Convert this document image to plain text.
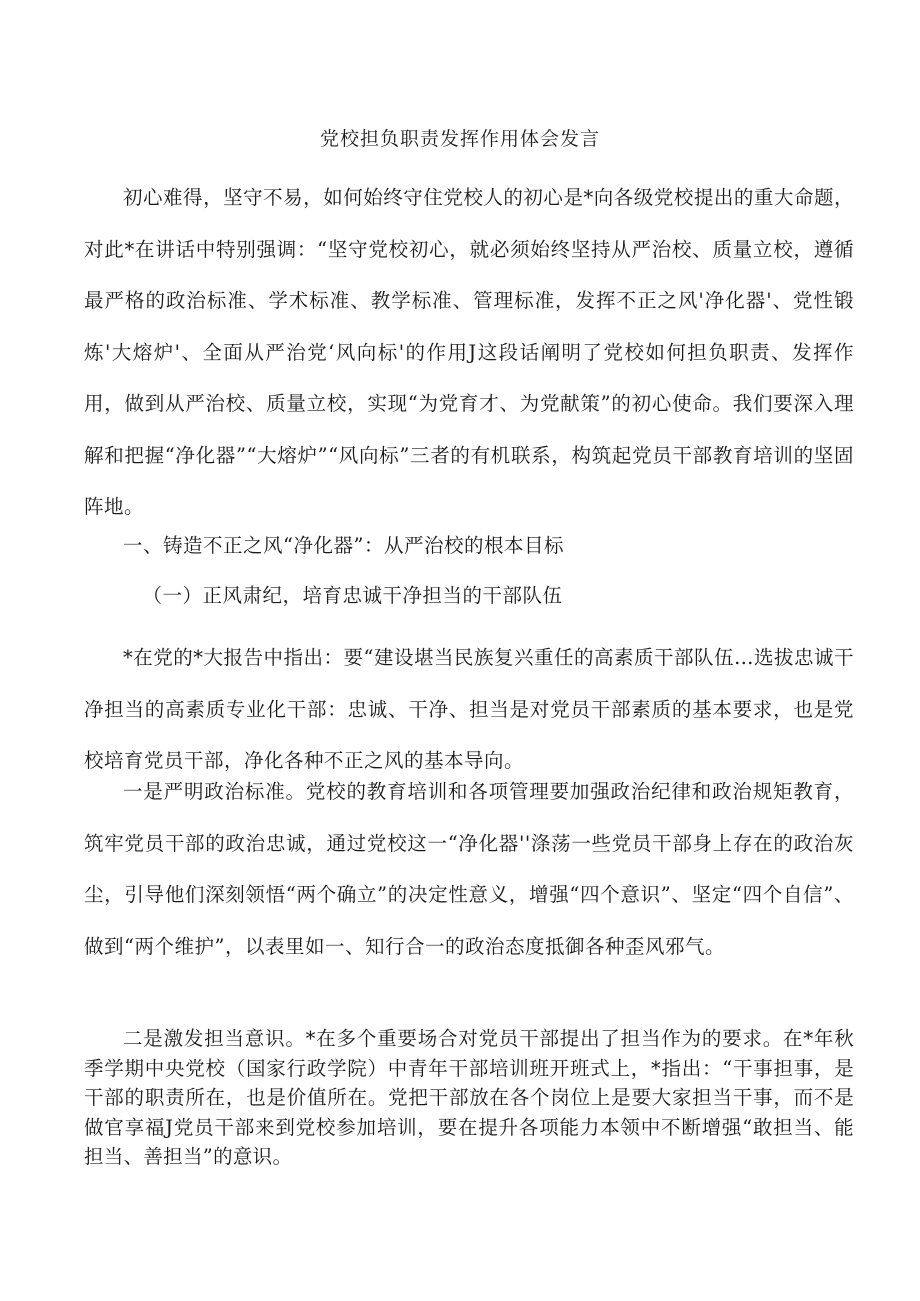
党校担负职责发挥作用体会发言

初心难得，坚守不易，如何始终守住党校人的初心是*向各级党校提出的重大命题，对此*在讲话中特别强调：“坚守党校初心，就必须始终坚持从严治校、质量立校，遵循最严格的政治标准、学术标准、教学标准、管理标准，发挥不正之风'净化器'、党性锻炼'大熔炉'、全面从严治党‘风向标'的作用J这段话阐明了党校如何担负职责、发挥作用，做到从严治校、质量立校，实现“为党育才、为党献策”的初心使命。我们要深入理解和把握“净化器”“大熔炉”“风向标”三者的有机联系，构筑起党员干部教育培训的坚固阵地。

一、铸造不正之风“净化器”：从严治校的根本目标
（一）正风肃纪，培育忠诚干净担当的干部队伍

*在党的*大报告中指出：要“建设堪当民族复兴重任的高素质干部队伍…选拔忠诚干净担当的高素质专业化干部：忠诚、干净、担当是对党员干部素质的基本要求，也是党校培育党员干部，净化各种不正之风的基本导向。

一是严明政治标准。党校的教育培训和各项管理要加强政治纪律和政治规矩教育，筑牢党员干部的政治忠诚，通过党校这一“净化器''涤荡一些党员干部身上存在的政治灰尘，引导他们深刻领悟“两个确立”的决定性意义，增强“四个意识”、坚定“四个自信”、做到“两个维护”，以表里如一、知行合一的政治态度抵御各种歪风邪气。

二是激发担当意识。*在多个重要场合对党员干部提出了担当作为的要求。在*年秋季学期中央党校（国家行政学院）中青年干部培训班开班式上，*指出：“干事担事，是干部的职责所在，也是价值所在。党把干部放在各个岗位上是要大家担当干事，而不是做官享福J党员干部来到党校参加培训，要在提升各项能力本领中不断增强“敢担当、能担当、善担当”的意识。
